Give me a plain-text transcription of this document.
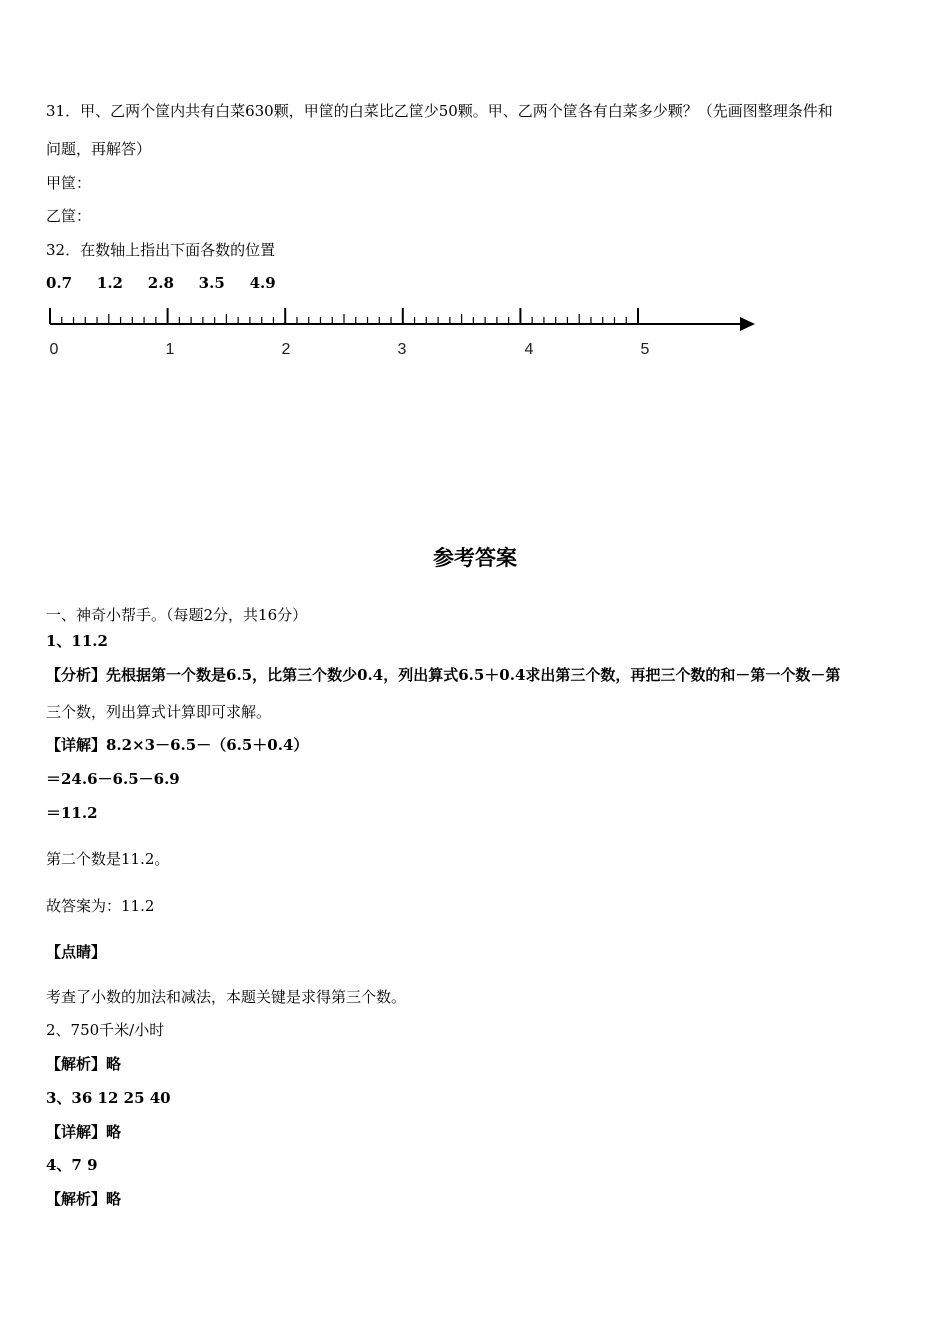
31．甲、乙两个筐内共有白菜630颗，甲筐的白菜比乙筐少50颗。甲、乙两个筐各有白菜多少颗？（先画图整理条件和
问题，再解答）
甲筐：
乙筐：
32．在数轴上指出下面各数的位置
0.7 1.2 2.8 3.5 4.9
0	1	2	3	4	5
参考答案
一、神奇小帮手。（每题2分，共16分）
1、11.2
【分析】先根据第一个数是6.5，比第三个数少0.4，列出算式6.5＋0.4求出第三个数，再把三个数的和－第一个数－第
三个数，列出算式计算即可求解。
【详解】8.2×3－6.5－（6.5＋0.4）
＝24.6－6.5－6.9
＝11.2
第二个数是11.2。
故答案为：11.2
【点睛】
考查了小数的加法和减法，本题关键是求得第三个数。
2、750千米/小时
【解析】略
3、36 12 25 40
【详解】略
4、7 9
【解析】略
